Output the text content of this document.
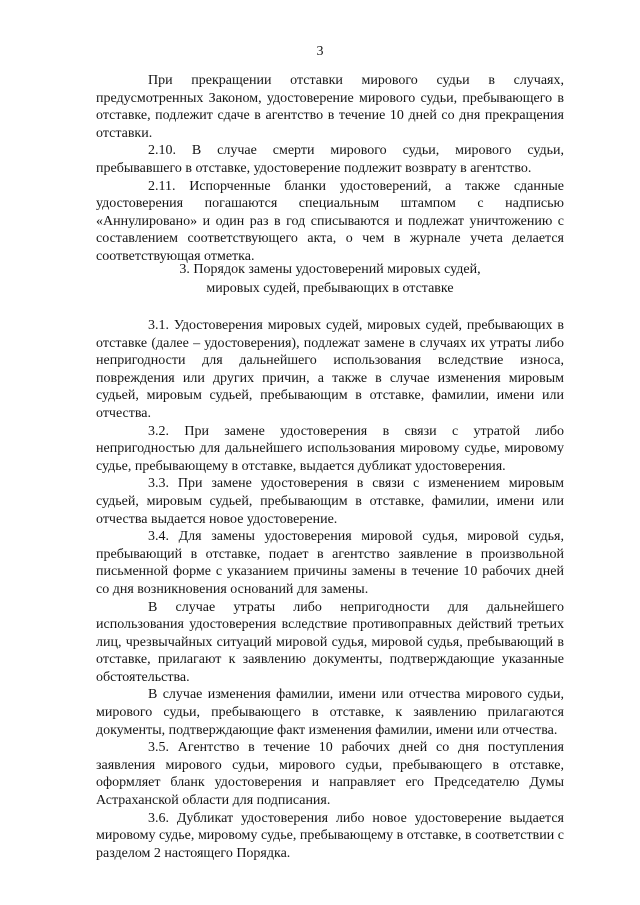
3

При прекращении отставки мирового судьи в случаях, предусмотренных Законом, удостоверение мирового судьи, пребывающего в отставке, подлежит сдаче в агентство в течение 10 дней со дня прекращения отставки.

2.10. В случае смерти мирового судьи, мирового судьи, пребывавшего в отставке, удостоверение подлежит возврату в агентство.

2.11. Испорченные бланки удостоверений, а также сданные удостоверения погашаются специальным штампом с надписью «Аннулировано» и один раз в год списываются и подлежат уничтожению с составлением соответствующего акта, о чем в журнале учета делается соответствующая отметка.

3. Порядок замены удостоверений мировых судей,
мировых судей, пребывающих в отставке

3.1. Удостоверения мировых судей, мировых судей, пребывающих в отставке (далее – удостоверения), подлежат замене в случаях их утраты либо непригодности для дальнейшего использования вследствие износа, повреждения или других причин, а также в случае изменения мировым судьей, мировым судьей, пребывающим в отставке, фамилии, имени или отчества.

3.2. При замене удостоверения в связи с утратой либо непригодностью для дальнейшего использования мировому судье, мировому судье, пребывающему в отставке, выдается дубликат удостоверения.

3.3. При замене удостоверения в связи с изменением мировым судьей, мировым судьей, пребывающим в отставке, фамилии, имени или отчества выдается новое удостоверение.

3.4. Для замены удостоверения мировой судья, мировой судья, пребывающий в отставке, подает в агентство заявление в произвольной письменной форме с указанием причины замены в течение 10 рабочих дней со дня возникновения оснований для замены.

В случае утраты либо непригодности для дальнейшего использования удостоверения вследствие противоправных действий третьих лиц, чрезвычайных ситуаций мировой судья, мировой судья, пребывающий в отставке, прилагают к заявлению документы, подтверждающие указанные обстоятельства.

В случае изменения фамилии, имени или отчества мирового судьи, мирового судьи, пребывающего в отставке, к заявлению прилагаются документы, подтверждающие факт изменения фамилии, имени или отчества.

3.5. Агентство в течение 10 рабочих дней со дня поступления заявления мирового судьи, мирового судьи, пребывающего в отставке, оформляет бланк удостоверения и направляет его Председателю Думы Астраханской области для подписания.

3.6. Дубликат удостоверения либо новое удостоверение выдается мировому судье, мировому судье, пребывающему в отставке, в соответствии с разделом 2 настоящего Порядка.
